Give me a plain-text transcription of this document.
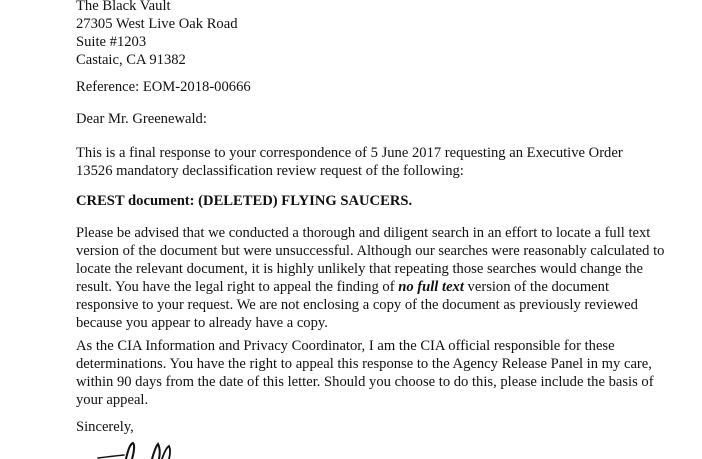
The Black Vault
27305 West Live Oak Road
Suite #1203
Castaic, CA 91382
Reference: EOM-2018-00666
Dear Mr. Greenewald:
This is a final response to your correspondence of 5 June 2017 requesting an Executive Order
13526 mandatory declassification review request of the following:
CREST document: (DELETED) FLYING SAUCERS.
Please be advised that we conducted a thorough and diligent search in an effort to locate a full text
version of the document but were unsuccessful. Although our searches were reasonably calculated to
locate the relevant document, it is highly unlikely that repeating those searches would change the
result. You have the legal right to appeal the finding of no full text version of the document
responsive to your request. We are not enclosing a copy of the document as previously reviewed
because you appear to already have a copy.
As the CIA Information and Privacy Coordinator, I am the CIA official responsible for these
determinations. You have the right to appeal this response to the Agency Release Panel in my care,
within 90 days from the date of this letter. Should you choose to do this, please include the basis of
your appeal.
Sincerely,
